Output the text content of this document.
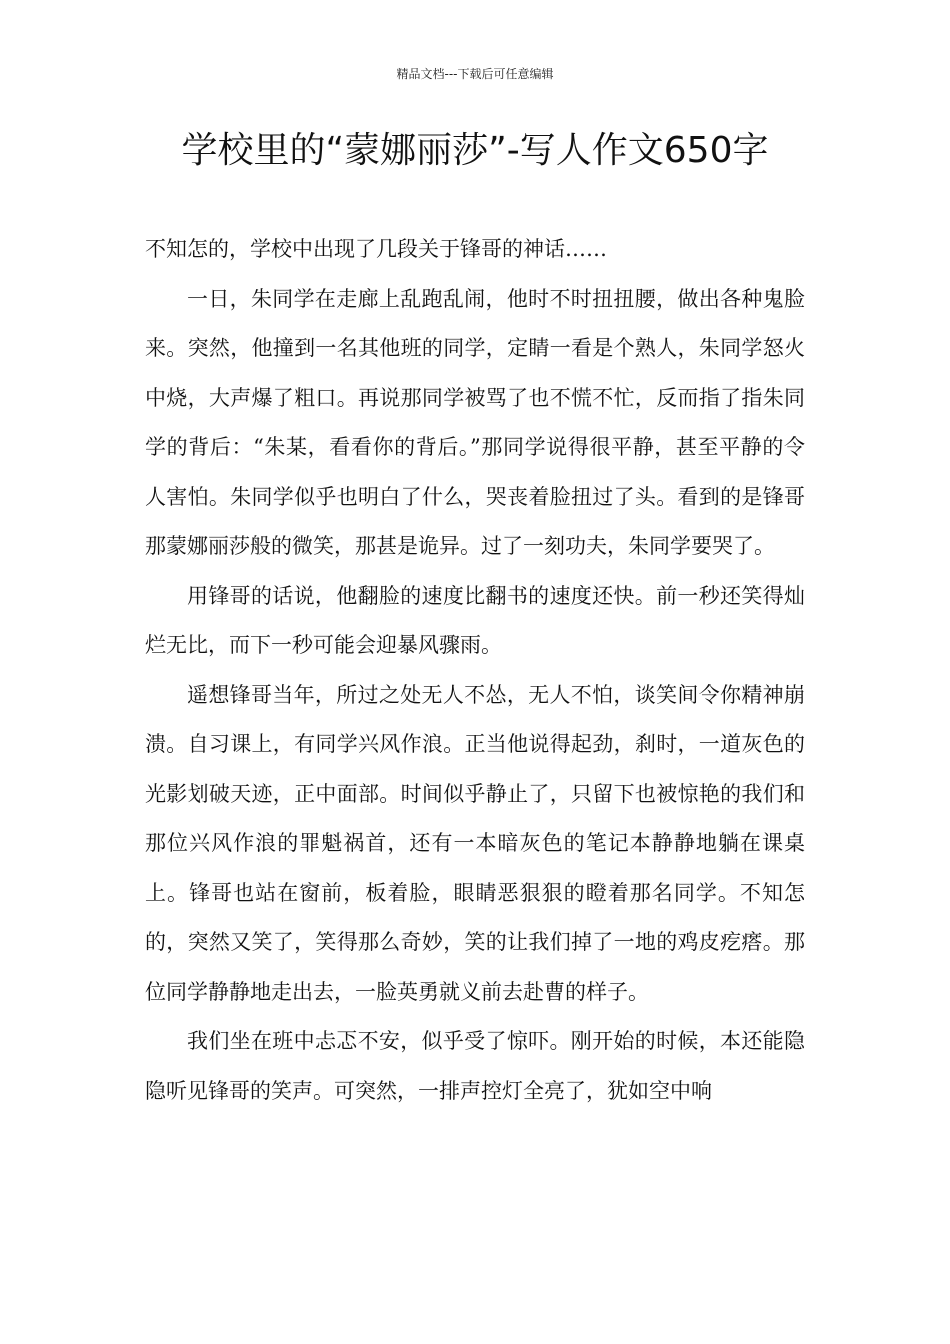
精品文档---下载后可任意编辑
学校里的“蒙娜丽莎”-写人作文650字

不知怎的，学校中出现了几段关于锋哥的神话……

一日，朱同学在走廊上乱跑乱闹，他时不时扭扭腰，做出各种鬼脸来。突然，他撞到一名其他班的同学，定睛一看是个熟人，朱同学怒火中烧，大声爆了粗口。再说那同学被骂了也不慌不忙，反而指了指朱同学的背后：“朱某，看看你的背后。”那同学说得很平静，甚至平静的令人害怕。朱同学似乎也明白了什么，哭丧着脸扭过了头。看到的是锋哥那蒙娜丽莎般的微笑，那甚是诡异。过了一刻功夫，朱同学要哭了。

用锋哥的话说，他翻脸的速度比翻书的速度还快。前一秒还笑得灿烂无比，而下一秒可能会迎暴风骤雨。

遥想锋哥当年，所过之处无人不怂，无人不怕，谈笑间令你精神崩溃。自习课上，有同学兴风作浪。正当他说得起劲，刹时，一道灰色的光影划破天迹，正中面部。时间似乎静止了，只留下也被惊艳的我们和那位兴风作浪的罪魁祸首，还有一本暗灰色的笔记本静静地躺在课桌上。锋哥也站在窗前，板着脸，眼睛恶狠狠的瞪着那名同学。不知怎的，突然又笑了，笑得那么奇妙，笑的让我们掉了一地的鸡皮疙瘩。那位同学静静地走出去，一脸英勇就义前去赴曹的样子。

我们坐在班中忐忑不安，似乎受了惊吓。刚开始的时候，本还能隐隐听见锋哥的笑声。可突然，一排声控灯全亮了，犹如空中响
